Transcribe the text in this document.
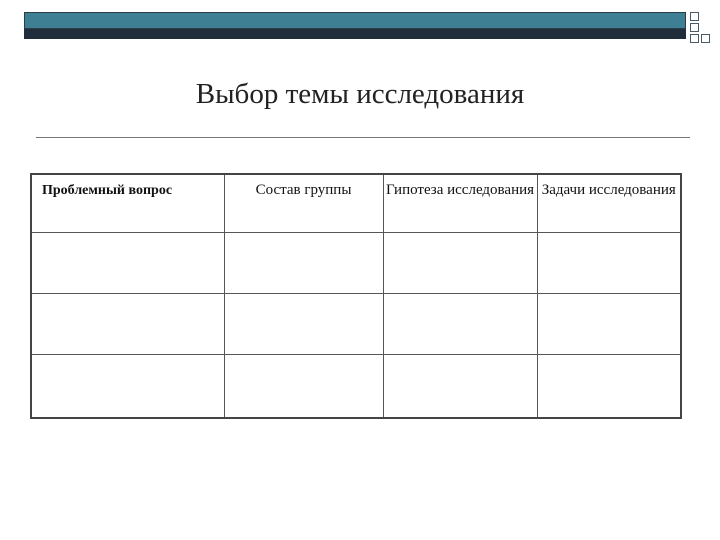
Выбор темы исследования
Проблемный вопрос	Состав группы	Гипотеза исследования	Задачи исследования
